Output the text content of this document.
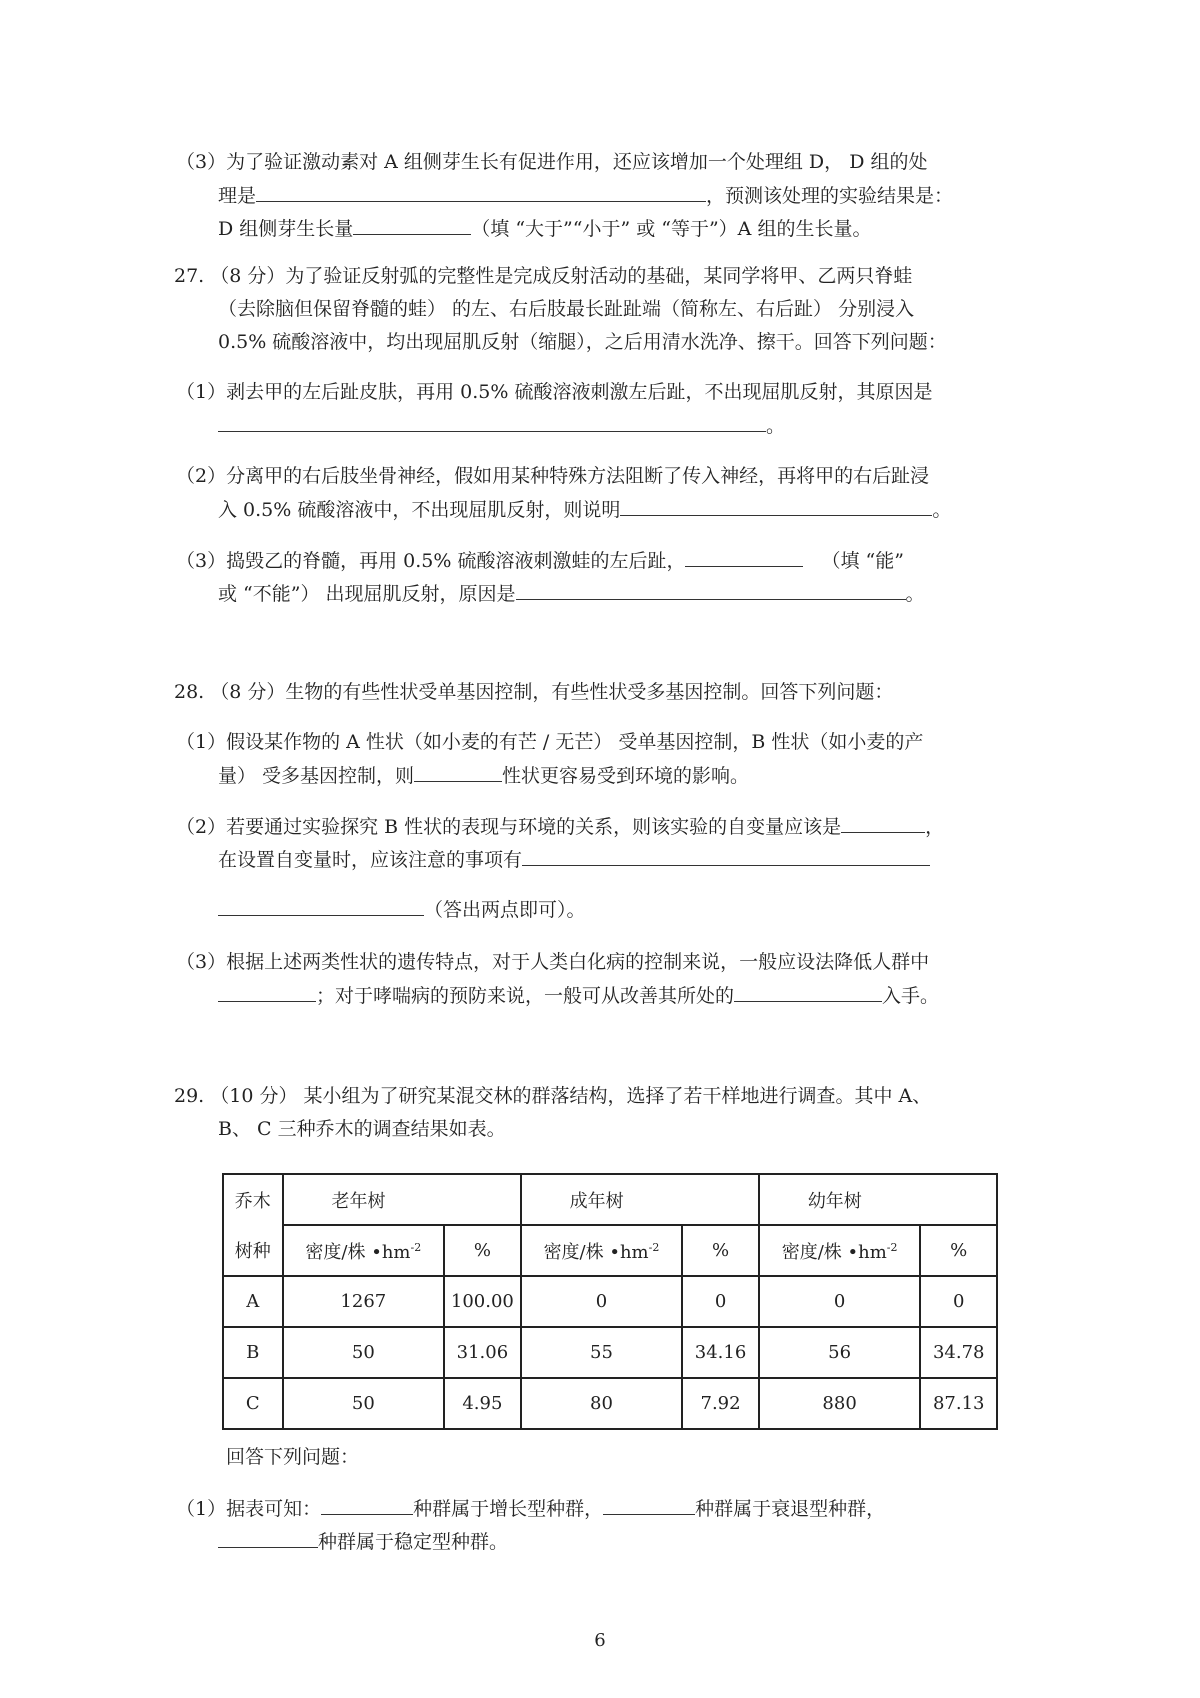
（3）为了验证激动素对 A 组侧芽生长有促进作用，还应该增加一个处理组 D， D 组的处
理是	，预测该处理的实验结果是：
D 组侧芽生长量	（填 “大于”“小于” 或 “等于”）A 组的生长量。
27. （8 分）为了验证反射弧的完整性是完成反射活动的基础，某同学将甲、乙两只脊蛙
（去除脑但保留脊髓的蛙） 的左、右后肢最长趾趾端（简称左、右后趾） 分别浸入
0.5% 硫酸溶液中，均出现屈肌反射（缩腿），之后用清水洗净、擦干。回答下列问题：
（1）剥去甲的左后趾皮肤，再用 0.5% 硫酸溶液刺激左后趾，不出现屈肌反射，其原因是
。
（2）分离甲的右后肢坐骨神经，假如用某种特殊方法阻断了传入神经，再将甲的右后趾浸
入 0.5% 硫酸溶液中，不出现屈肌反射，则说明	。
（3）捣毁乙的脊髓，再用 0.5% 硫酸溶液刺激蛙的左后趾，	（填 “能”
或 “不能”） 出现屈肌反射，原因是	。
28. （8 分）生物的有些性状受单基因控制，有些性状受多基因控制。回答下列问题：
（1）假设某作物的 A 性状（如小麦的有芒 / 无芒） 受单基因控制，B 性状（如小麦的产
量） 受多基因控制，则	性状更容易受到环境的影响。
（2）若要通过实验探究 B 性状的表现与环境的关系，则该实验的自变量应该是	，
在设置自变量时，应该注意的事项有
（答出两点即可）。
（3）根据上述两类性状的遗传特点，对于人类白化病的控制来说，一般应设法降低人群中
；对于哮喘病的预防来说，一般可从改善其所处的	入手。
29. （10 分） 某小组为了研究某混交林的群落结构，选择了若干样地进行调查。其中 A、
B、 C 三种乔木的调查结果如表。
乔木	老年树		成年树		幼年树	
树种	密度/株 $•hm^{-2}$	%	密度/株 $•hm^{-2}$	%	密度/株 $•hm^{-2}$	%
A	1267	100.00	0	0	0	0
B	50	31.06	55	34.16	56	34.78
C	50	4.95	80	7.92	880	87.13
回答下列问题：
（1）据表可知：	种群属于增长型种群，	种群属于衰退型种群，
种群属于稳定型种群。
6
